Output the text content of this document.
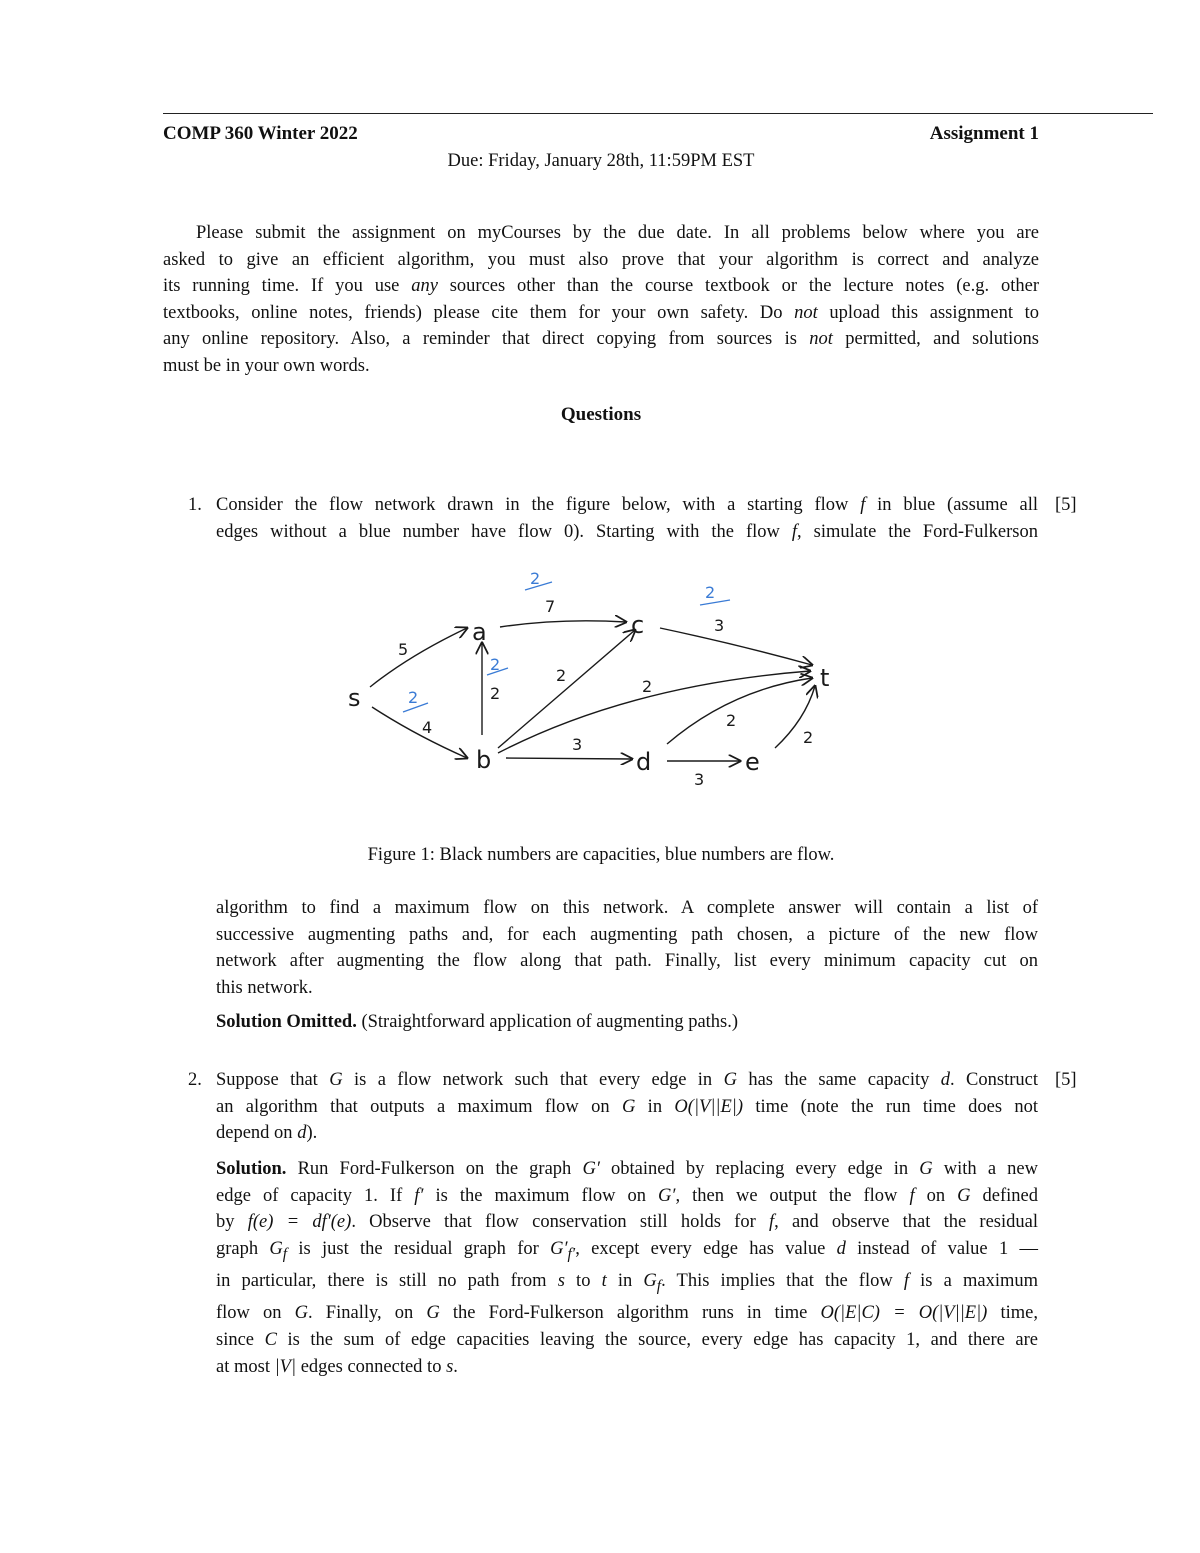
COMP 360 Winter 2022	Assignment 1
Due: Friday, January 28th, 11:59PM EST
Please submit the assignment on myCourses by the due date. In all problems below where you are
asked to give an efficient algorithm, you must also prove that your algorithm is correct and analyze
its running time. If you use any sources other than the course textbook or the lecture notes (e.g. other
textbooks, online notes, friends) please cite them for your own safety. Do not upload this assignment to
any online repository. Also, a reminder that direct copying from sources is not permitted, and solutions
must be in your own words.
Questions
1.	[5]
Consider the flow network drawn in the figure below, with a starting flow f in blue (assume all
edges without a blue number have flow 0). Starting with the flow f, simulate the Ford-Fulkerson
s
a
b
c
d	e
t
5
4
2
7
2
2
3
3
2
3
2
2
2
2
2
Figure 1: Black numbers are capacities, blue numbers are flow.
algorithm to find a maximum flow on this network. A complete answer will contain a list of
successive augmenting paths and, for each augmenting path chosen, a picture of the new flow
network after augmenting the flow along that path. Finally, list every minimum capacity cut on
this network.
Solution Omitted. (Straightforward application of augmenting paths.)
2.	[5]
Suppose that G is a flow network such that every edge in G has the same capacity d. Construct
an algorithm that outputs a maximum flow on G in O(|V||E|) time (note the run time does not
depend on d).
Solution. Run Ford-Fulkerson on the graph G′ obtained by replacing every edge in G with a new
edge of capacity 1. If f′ is the maximum flow on G′, then we output the flow f on G defined
by f(e) = df′(e). Observe that flow conservation still holds for f, and observe that the residual
graph $G_f$ is just the residual graph for $G'_{f'}$, except every edge has value d instead of value 1 —
in particular, there is still no path from s to t in $G_f$. This implies that the flow f is a maximum
flow on G. Finally, on G the Ford-Fulkerson algorithm runs in time O(|E|C) = O(|V||E|) time,
since C is the sum of edge capacities leaving the source, every edge has capacity 1, and there are
at most |V| edges connected to s.
